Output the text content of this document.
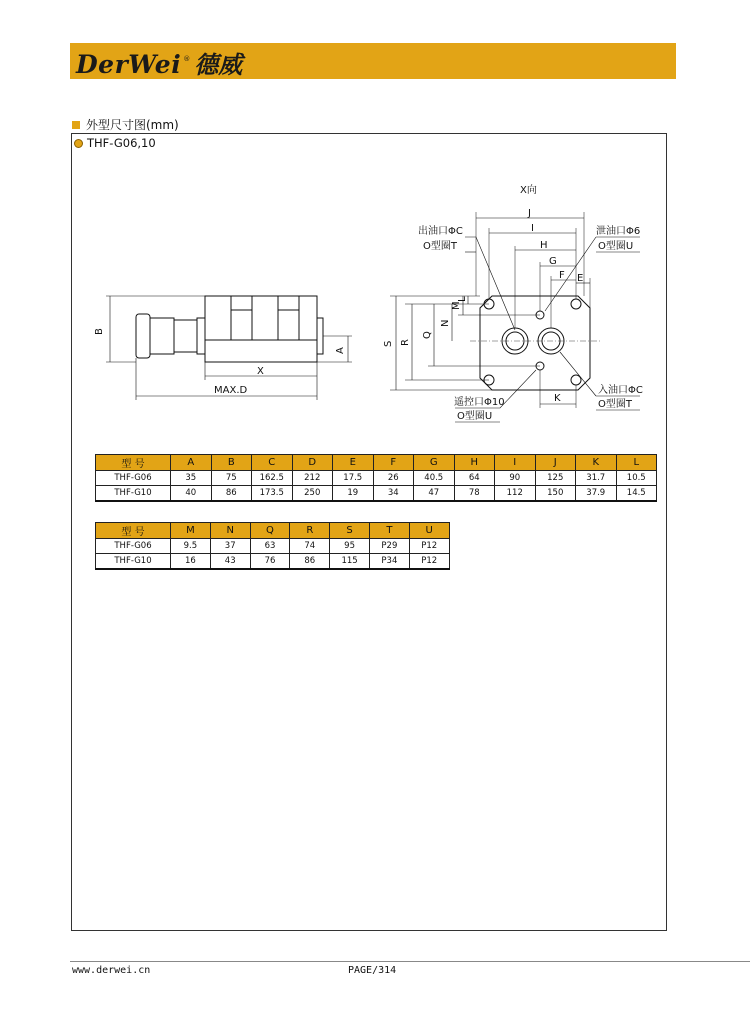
DerWei ® 德威
外型尺寸图(mm)
THF-G06,10
B
A
X
MAX.D
X向
J
I
H
G
F E
K
S R
Q
N
M
L
出油口ΦC
O型圈T
泄油口Φ6
O型圈U
入油口ΦC
O型圈T
遥控口Φ10
O型圈U
型 号	A	B	C	D	E	F	G	H	I	J	K	L
THF-G06	35	75	162.5	212	17.5	26	40.5	64	90	125	31.7	10.5
THF-G10	40	86	173.5	250	19	34	47	78	112	150	37.9	14.5
型 号	M	N	Q	R	S	T	U
THF-G06	9.5	37	63	74	95	P29	P12
THF-G10	16	43	76	86	115	P34	P12
www.derwei.cn	PAGE/314
